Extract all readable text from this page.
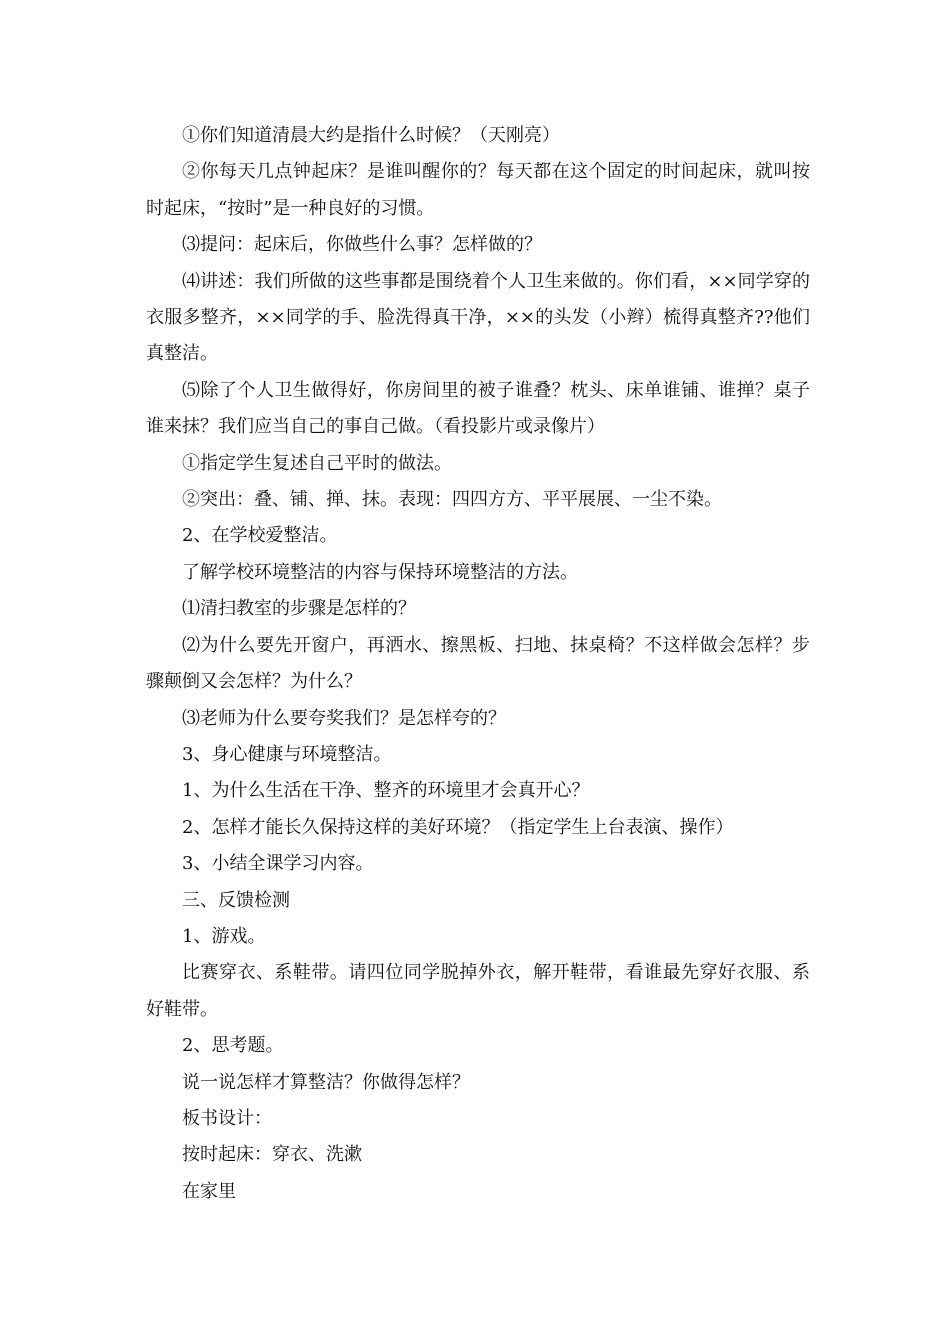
①你们知道清晨大约是指什么时候？（天刚亮）

②你每天几点钟起床？是谁叫醒你的？每天都在这个固定的时间起床，就叫按时起床，“按时”是一种良好的习惯。

⑶提问：起床后，你做些什么事？怎样做的？

⑷讲述：我们所做的这些事都是围绕着个人卫生来做的。你们看，××同学穿的衣服多整齐，××同学的手、脸洗得真干净，××的头发（小辫）梳得真整齐??他们真整洁。

⑸除了个人卫生做得好，你房间里的被子谁叠？枕头、床单谁铺、谁掸？桌子谁来抹？我们应当自己的事自己做。（看投影片或录像片）

①指定学生复述自己平时的做法。

②突出：叠、铺、掸、抹。表现：四四方方、平平展展、一尘不染。

2、在学校爱整洁。

了解学校环境整洁的内容与保持环境整洁的方法。

⑴清扫教室的步骤是怎样的？

⑵为什么要先开窗户，再洒水、擦黑板、扫地、抹桌椅？不这样做会怎样？步骤颠倒又会怎样？为什么？

⑶老师为什么要夸奖我们？是怎样夸的？

3、身心健康与环境整洁。

1、为什么生活在干净、整齐的环境里才会真开心？

2、怎样才能长久保持这样的美好环境？（指定学生上台表演、操作）

3、小结全课学习内容。

三、反馈检测

1、游戏。

比赛穿衣、系鞋带。请四位同学脱掉外衣，解开鞋带，看谁最先穿好衣服、系好鞋带。

2、思考题。

说一说怎样才算整洁？你做得怎样？

板书设计：

按时起床：穿衣、洗漱

在家里
